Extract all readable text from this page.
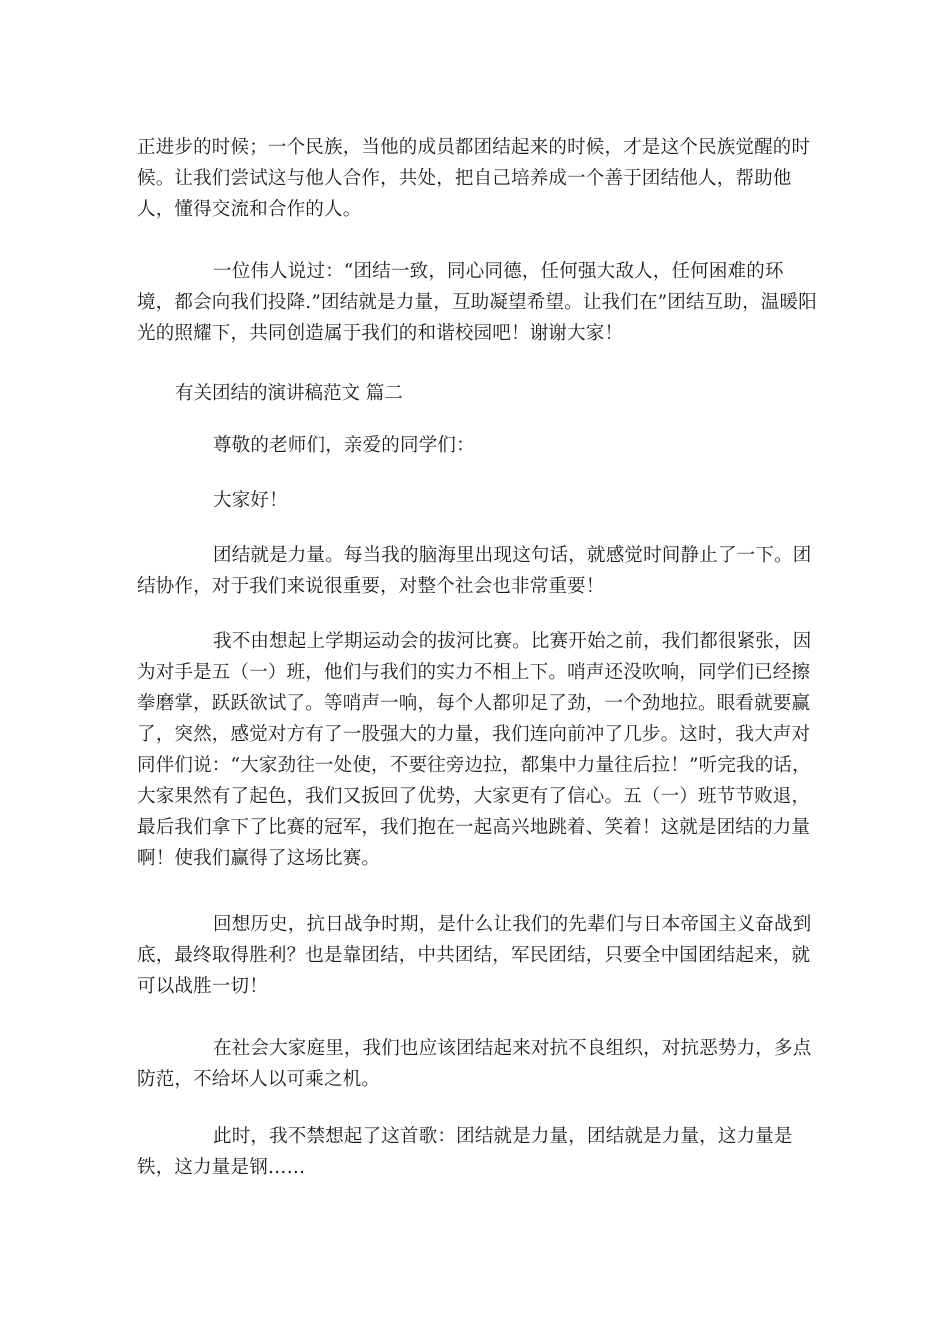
正进步的时候；一个民族，当他的成员都团结起来的时候，才是这个民族觉醒的时候。让我们尝试这与他人合作，共处，把自己培养成一个善于团结他人，帮助他人，懂得交流和合作的人。

一位伟人说过：“团结一致，同心同德，任何强大敌人，任何困难的环境，都会向我们投降.”团结就是力量，互助凝望希望。让我们在”团结互助，温暖阳光的照耀下，共同创造属于我们的和谐校园吧！谢谢大家！

有关团结的演讲稿范文 篇二

尊敬的老师们，亲爱的同学们：

大家好！

团结就是力量。每当我的脑海里出现这句话，就感觉时间静止了一下。团结协作，对于我们来说很重要，对整个社会也非常重要！

我不由想起上学期运动会的拔河比赛。比赛开始之前，我们都很紧张，因为对手是五（一）班，他们与我们的实力不相上下。哨声还没吹响，同学们已经擦拳磨掌，跃跃欲试了。等哨声一响，每个人都卯足了劲，一个劲地拉。眼看就要赢了，突然，感觉对方有了一股强大的力量，我们连向前冲了几步。这时，我大声对同伴们说：“大家劲往一处使，不要往旁边拉，都集中力量往后拉！”听完我的话，大家果然有了起色，我们又扳回了优势，大家更有了信心。五（一）班节节败退，最后我们拿下了比赛的冠军，我们抱在一起高兴地跳着、笑着！这就是团结的力量啊！使我们赢得了这场比赛。

回想历史，抗日战争时期，是什么让我们的先辈们与日本帝国主义奋战到底，最终取得胜利？也是靠团结，中共团结，军民团结，只要全中国团结起来，就可以战胜一切！

在社会大家庭里，我们也应该团结起来对抗不良组织，对抗恶势力，多点防范，不给坏人以可乘之机。

此时，我不禁想起了这首歌：团结就是力量，团结就是力量，这力量是铁，这力量是钢……
